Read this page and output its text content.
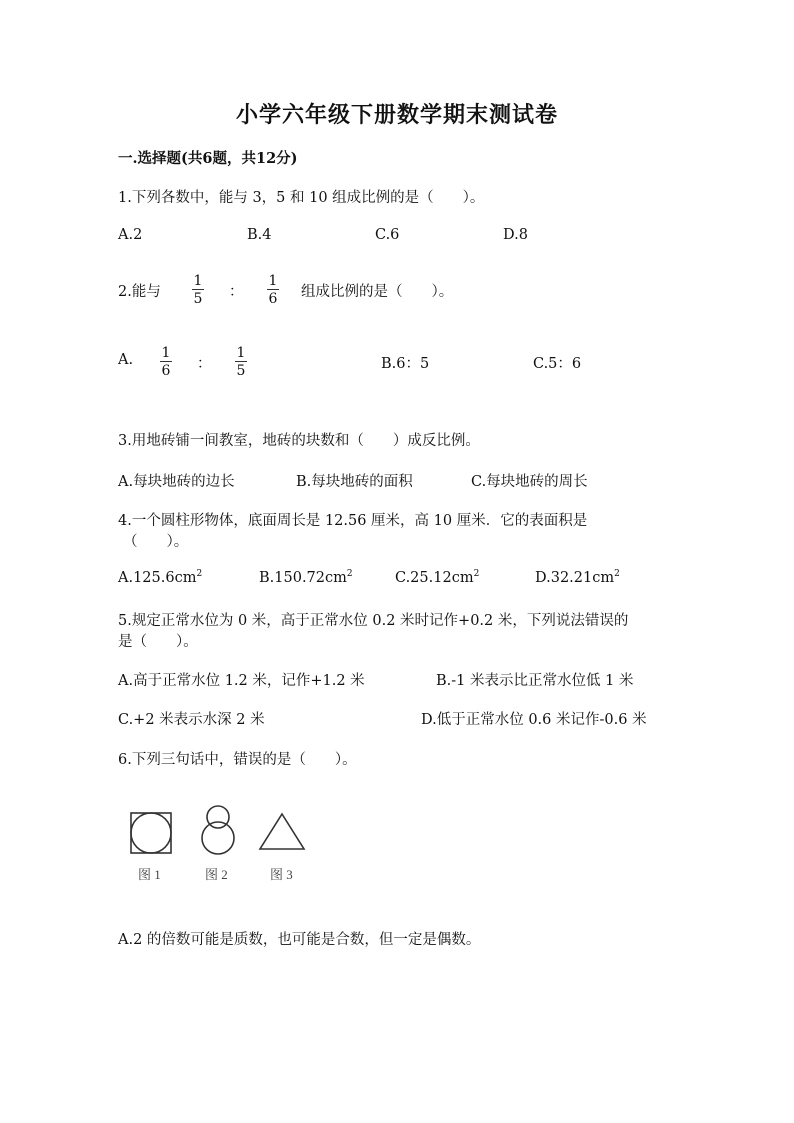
小学六年级下册数学期末测试卷
一.选择题(共6题，共12分)
1.下列各数中，能与 3，5 和 10 组成比例的是（　　）。
A.2	B.4	C.6	D.8
2.能与
1
5	：
1
6	组成比例的是（　　）。
A.	1
6	：
1
5	B.6：5	C.5：6
3.用地砖铺一间教室，地砖的块数和（　　）成反比例。
A.每块地砖的边长	B.每块地砖的面积	C.每块地砖的周长
4.一个圆柱形物体，底面周长是 12.56 厘米，高 10 厘米．它的表面积是
（　　）。
$A.125.6cm^2$	$B.150.72cm^2$	$C.25.12cm^2$	$D.32.21cm^2$
5.规定正常水位为 0 米，高于正常水位 0.2 米时记作+0.2 米，下列说法错误的
是（　　）。
A.高于正常水位 1.2 米，记作+1.2 米	B.-1 米表示比正常水位低 1 米
C.+2 米表示水深 2 米	D.低于正常水位 0.6 米记作-0.6 米
6.下列三句话中，错误的是（　　）。
图 1	图 2	图 3
A.2 的倍数可能是质数，也可能是合数，但一定是偶数。
